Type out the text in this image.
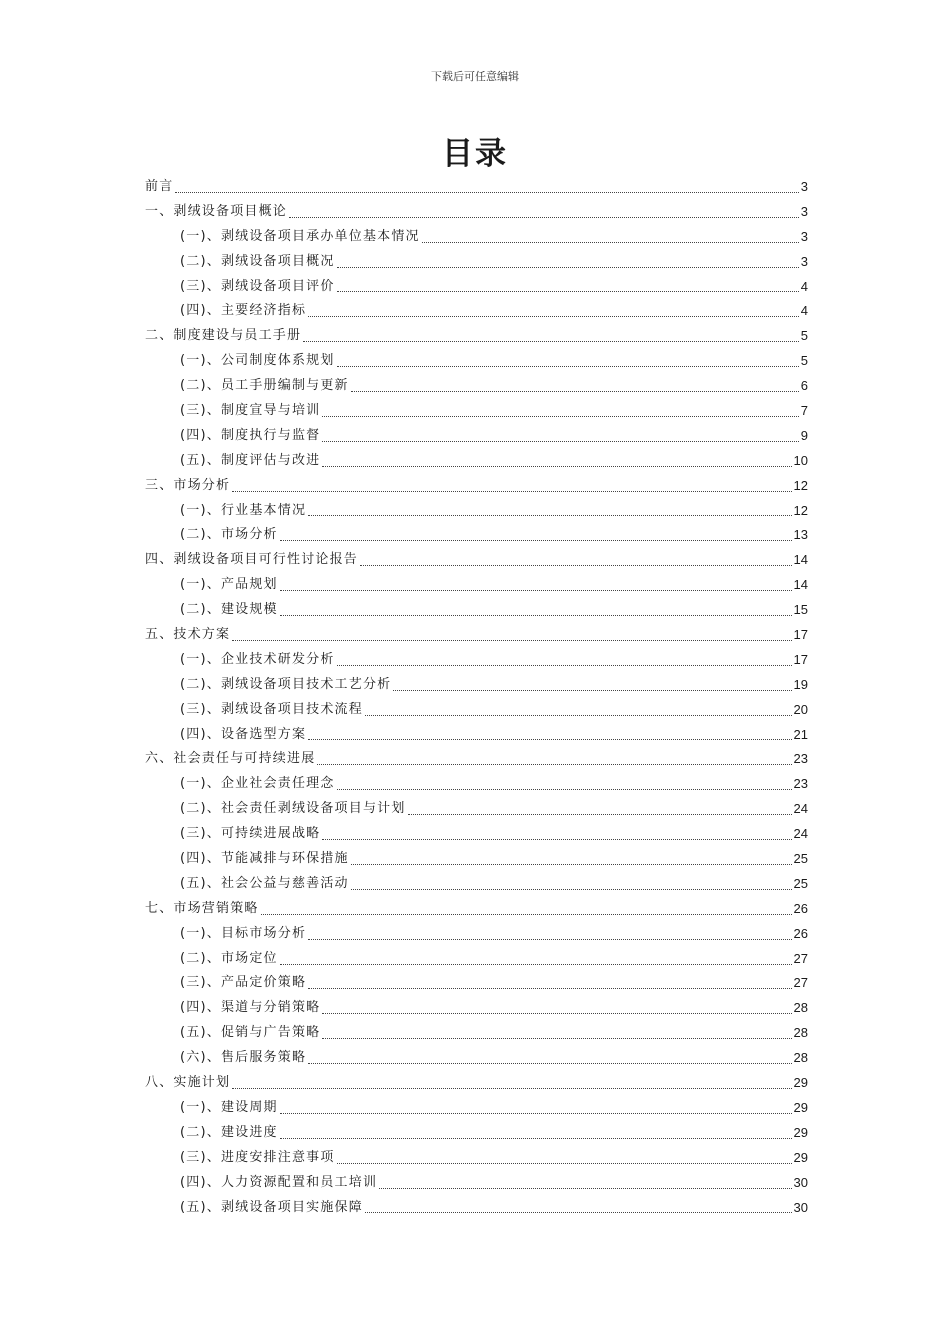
下载后可任意编辑
目录
前言	3
一、剥绒设备项目概论	3
(一)、剥绒设备项目承办单位基本情况	3
(二)、剥绒设备项目概况	3
(三)、剥绒设备项目评价	4
(四)、主要经济指标	4
二、制度建设与员工手册	5
(一)、公司制度体系规划	5
(二)、员工手册编制与更新	6
(三)、制度宣导与培训	7
(四)、制度执行与监督	9
(五)、制度评估与改进	10
三、市场分析	12
(一)、行业基本情况	12
(二)、市场分析	13
四、剥绒设备项目可行性讨论报告	14
(一)、产品规划	14
(二)、建设规模	15
五、技术方案	17
(一)、企业技术研发分析	17
(二)、剥绒设备项目技术工艺分析	19
(三)、剥绒设备项目技术流程	20
(四)、设备选型方案	21
六、社会责任与可持续进展	23
(一)、企业社会责任理念	23
(二)、社会责任剥绒设备项目与计划	24
(三)、可持续进展战略	24
(四)、节能减排与环保措施	25
(五)、社会公益与慈善活动	25
七、市场营销策略	26
(一)、目标市场分析	26
(二)、市场定位	27
(三)、产品定价策略	27
(四)、渠道与分销策略	28
(五)、促销与广告策略	28
(六)、售后服务策略	28
八、实施计划	29
(一)、建设周期	29
(二)、建设进度	29
(三)、进度安排注意事项	29
(四)、人力资源配置和员工培训	30
(五)、剥绒设备项目实施保障	30
